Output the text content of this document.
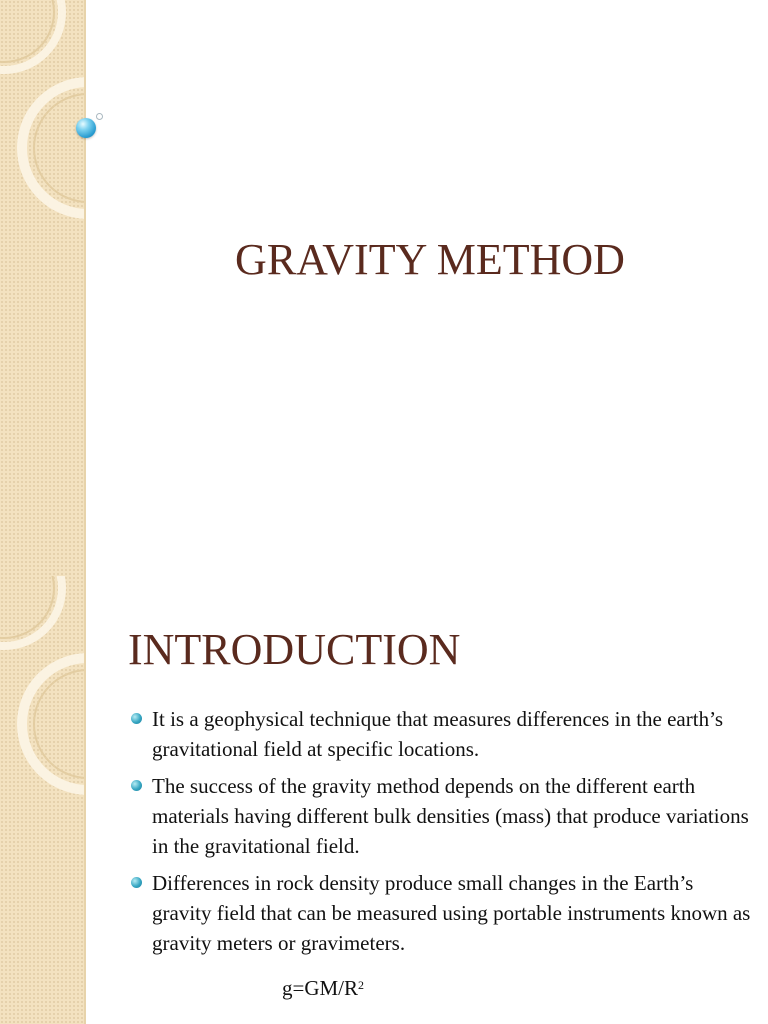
GRAVITY METHOD
INTRODUCTION
It is a geophysical technique that measures differences in the earth’s gravitational field at specific locations.
The success of the gravity method depends on the different earth materials having different bulk densities (mass) that produce variations in the gravitational field.
Differences in rock density produce small changes in the Earth’s gravity field that can be measured using portable instruments known as gravity meters or gravimeters.
$g=GM/R^2$
